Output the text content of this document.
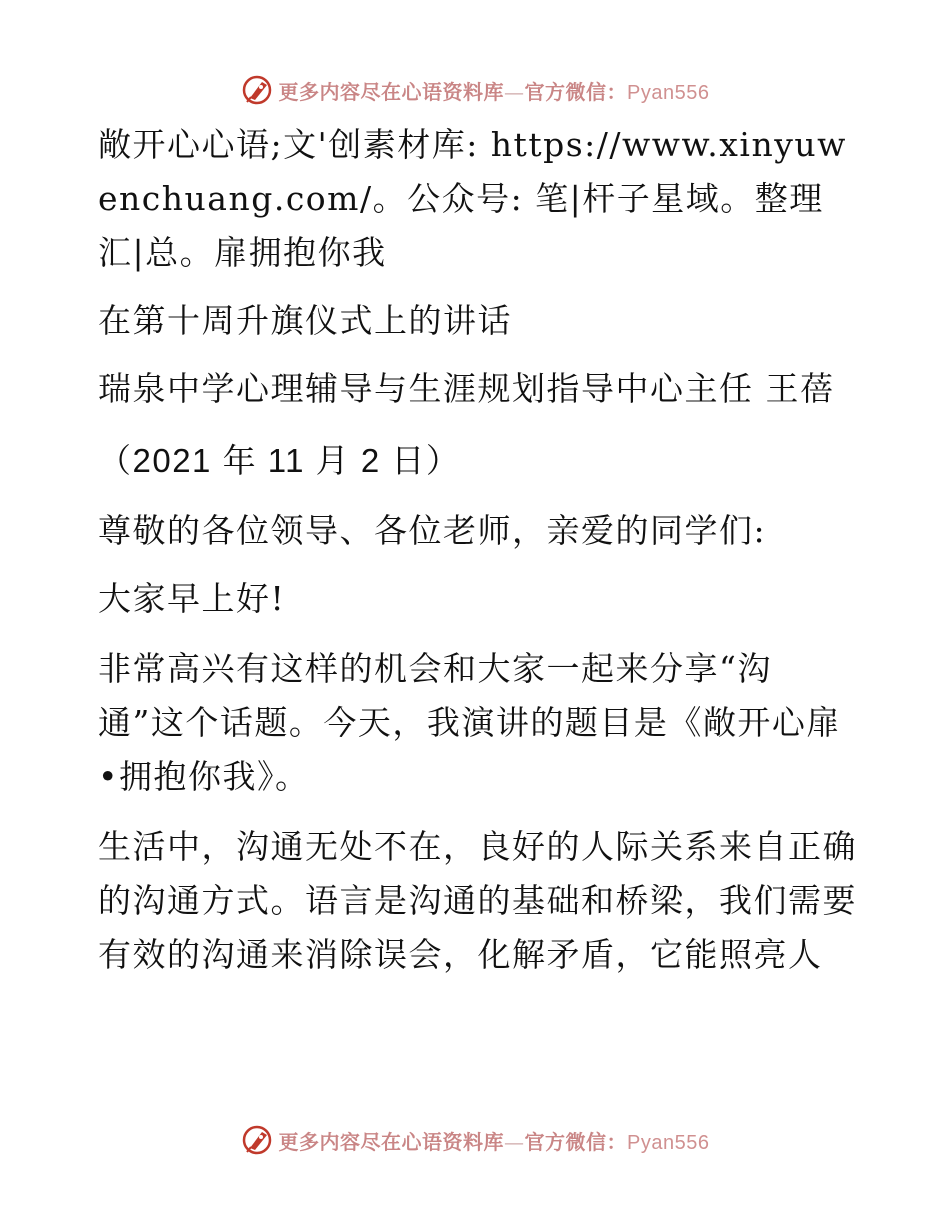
更多内容尽在心语资料库—官方微信：Pyan556

敞开心心语;文'创素材库: https://www.xinyuwenchuang.com/。公众号: 笔|杆子星域。整理汇|总。扉拥抱你我

在第十周升旗仪式上的讲话

瑞泉中学心理辅导与生涯规划指导中心主任 王蓓

（2021 年 11 月 2 日）

尊敬的各位领导、各位老师，亲爱的同学们:

大家早上好!

非常高兴有这样的机会和大家一起来分享“沟通”这个话题。今天，我演讲的题目是《敞开心扉•拥抱你我》。

生活中，沟通无处不在，良好的人际关系来自正确的沟通方式。语言是沟通的基础和桥梁，我们需要有效的沟通来消除误会，化解矛盾，它能照亮人

更多内容尽在心语资料库—官方微信：Pyan556
